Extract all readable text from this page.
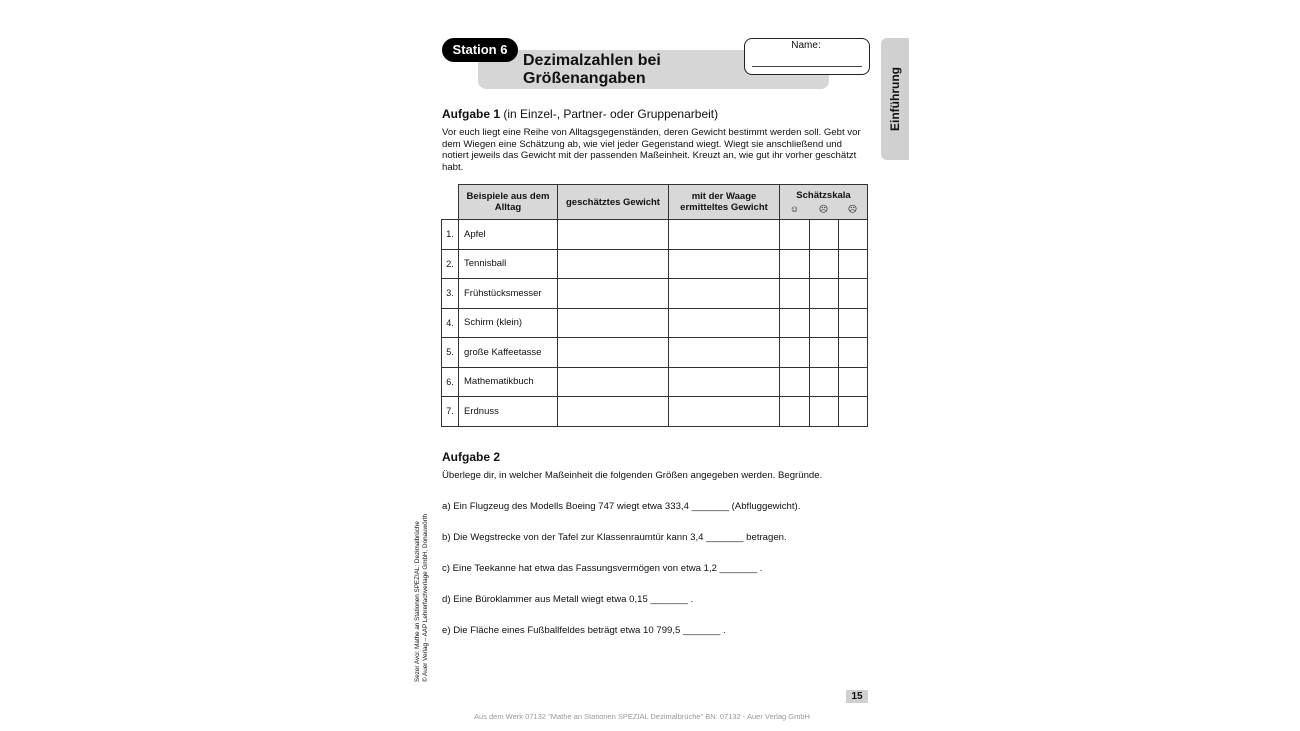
Station 6
Dezimalzahlen bei
Größenangaben
Name:
Einführung
Aufgabe 1 (in Einzel-, Partner- oder Gruppenarbeit)
Vor euch liegt eine Reihe von Alltagsgegenständen, deren Gewicht bestimmt werden soll. Gebt vor dem Wiegen eine Schätzung ab, wie viel jeder Gegenstand wiegt. Wiegt sie anschließend und notiert jeweils das Gewicht mit der passenden Maßeinheit. Kreuzt an, wie gut ihr vorher geschätzt habt.
	Beispiele aus dem Alltag	geschätztes Gewicht	mit der Waage ermitteltes Gewicht	Schätzskala
☺ ☹ ☹		

1.	Apfel					
2.	Tennisball					
3.	Frühstücksmesser					
4.	Schirm (klein)					
5.	große Kaffeetasse					
6.	Mathematikbuch					
7.	Erdnuss					
Aufgabe 2
Überlege dir, in welcher Maßeinheit die folgenden Größen angegeben werden. Begründe.
a) Ein Flugzeug des Modells Boeing 747 wiegt etwa 333,4 _______ (Abfluggewicht).
b) Die Wegstrecke von der Tafel zur Klassenraumtür kann 3,4 _______ betragen.
c) Eine Teekanne hat etwa das Fassungsvermögen von etwa 1,2 _______ .
d) Eine Büroklammer aus Metall wiegt etwa 0,15 _______ .
e) Die Fläche eines Fußballfeldes beträgt etwa 10 799,5 _______ .
Sezer Avci: Mathe an Stationen SPEZIAL: Dezimalbrüche
© Auer Verlag – AAP Lehrerfachverlage GmbH, Donauwörth
15
Aus dem Werk 07132 "Mathe an Stationen SPEZIAL Dezimalbrüche" BN: 07132 - Auer Verlag GmbH
